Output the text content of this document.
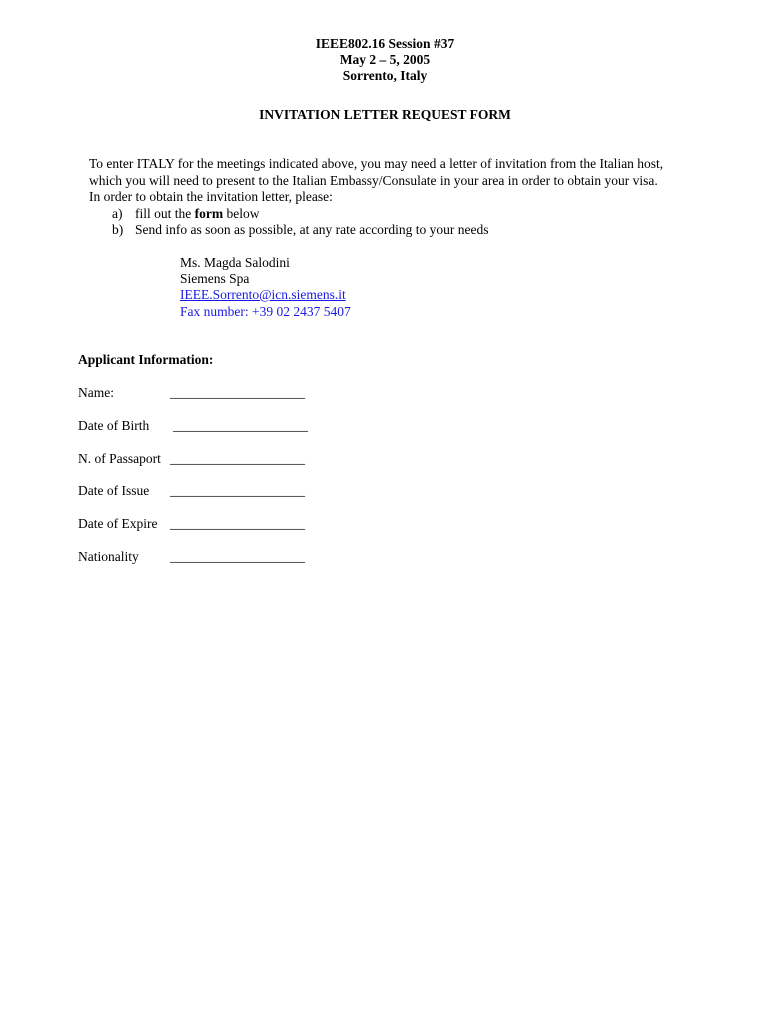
IEEE802.16 Session #37
May 2 – 5, 2005
Sorrento, Italy
INVITATION LETTER REQUEST FORM
To enter ITALY for the meetings indicated above, you may need a letter of invitation from the Italian host,
which you will need to present to the Italian Embassy/Consulate in your area in order to obtain your visa.
In order to obtain the invitation letter, please:
a) fill out the form below
b) Send info as soon as possible, at any rate according to your needs
Ms. Magda Salodini
Siemens Spa
IEEE.Sorrento@icn.siemens.it
Fax number: +39 02 2437 5407
Applicant Information:
Name:	____________________
Date of Birth ____________________
N. of Passaport ____________________
Date of Issue ____________________
Date of Expire ____________________
Nationality ____________________
